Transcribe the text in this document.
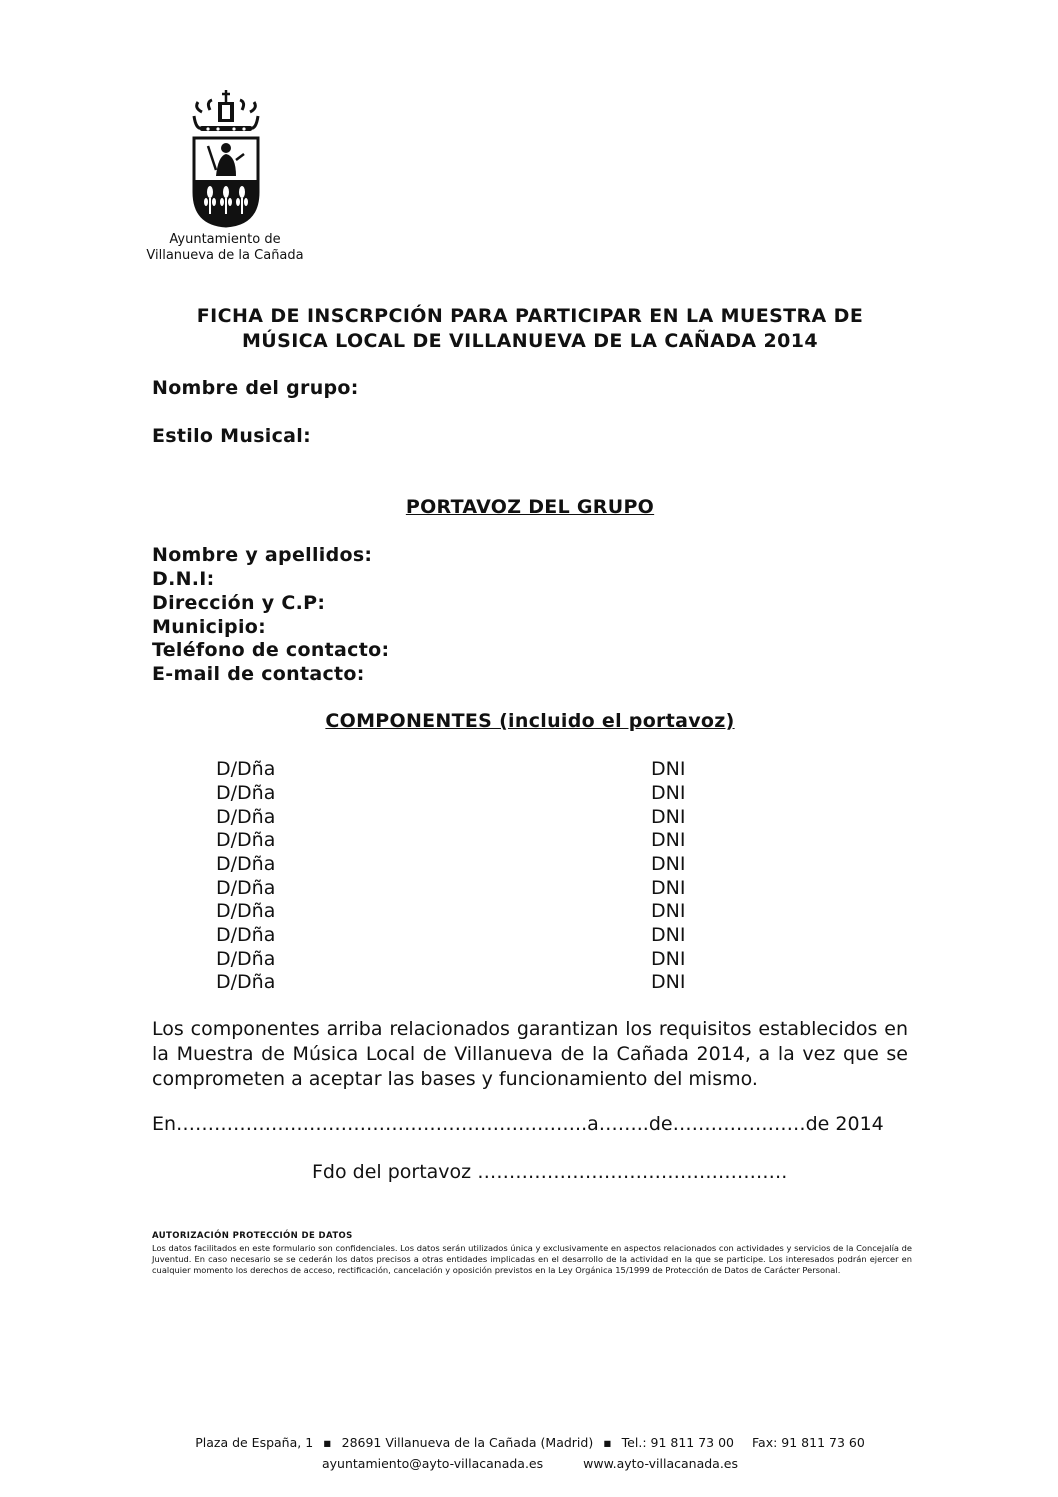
Ayuntamiento de
Villanueva de la Cañada
FICHA DE INSCRPCIÓN PARA PARTICIPAR EN LA MUESTRA DE
MÚSICA LOCAL DE VILLANUEVA DE LA CAÑADA 2014
Nombre del grupo:
Estilo Musical:
PORTAVOZ DEL GRUPO
Nombre y apellidos:
D.N.I:
Dirección y C.P:
Municipio:
Teléfono de contacto:
E-mail de contacto:
COMPONENTES (incluido el portavoz)
D/Dña	DNI
D/Dña	DNI
D/Dña	DNI
D/Dña	DNI
D/Dña	DNI
D/Dña	DNI
D/Dña	DNI
D/Dña	DNI
D/Dña	DNI
D/Dña	DNI
Los componentes arriba relacionados garantizan los requisitos establecidos en la Muestra de Música Local de Villanueva de la Cañada 2014, a la vez que se comprometen a aceptar las bases y funcionamiento del mismo.
En………………………………………………………..a……..de…………………de 2014
Fdo del portavoz ………………………………………….
AUTORIZACIÓN PROTECCIÓN DE DATOS
Los datos facilitados en este formulario son confidenciales. Los datos serán utilizados única y exclusivamente en aspectos relacionados con actividades y servicios de la Concejalía de Juventud. En caso necesario se se cederán los datos precisos a otras entidades implicadas en el desarrollo de la actividad en la que se participe. Los interesados podrán ejercer en cualquier momento los derechos de acceso, rectificación, cancelación y oposición previstos en la Ley Orgánica 15/1999 de Protección de Datos de Carácter Personal.
Plaza de España, 1 ▪ 28691 Villanueva de la Cañada (Madrid) ▪ Tel.: 91 811 73 00 Fax: 91 811 73 60
ayuntamiento@ayto-villacanada.es	www.ayto-villacanada.es
